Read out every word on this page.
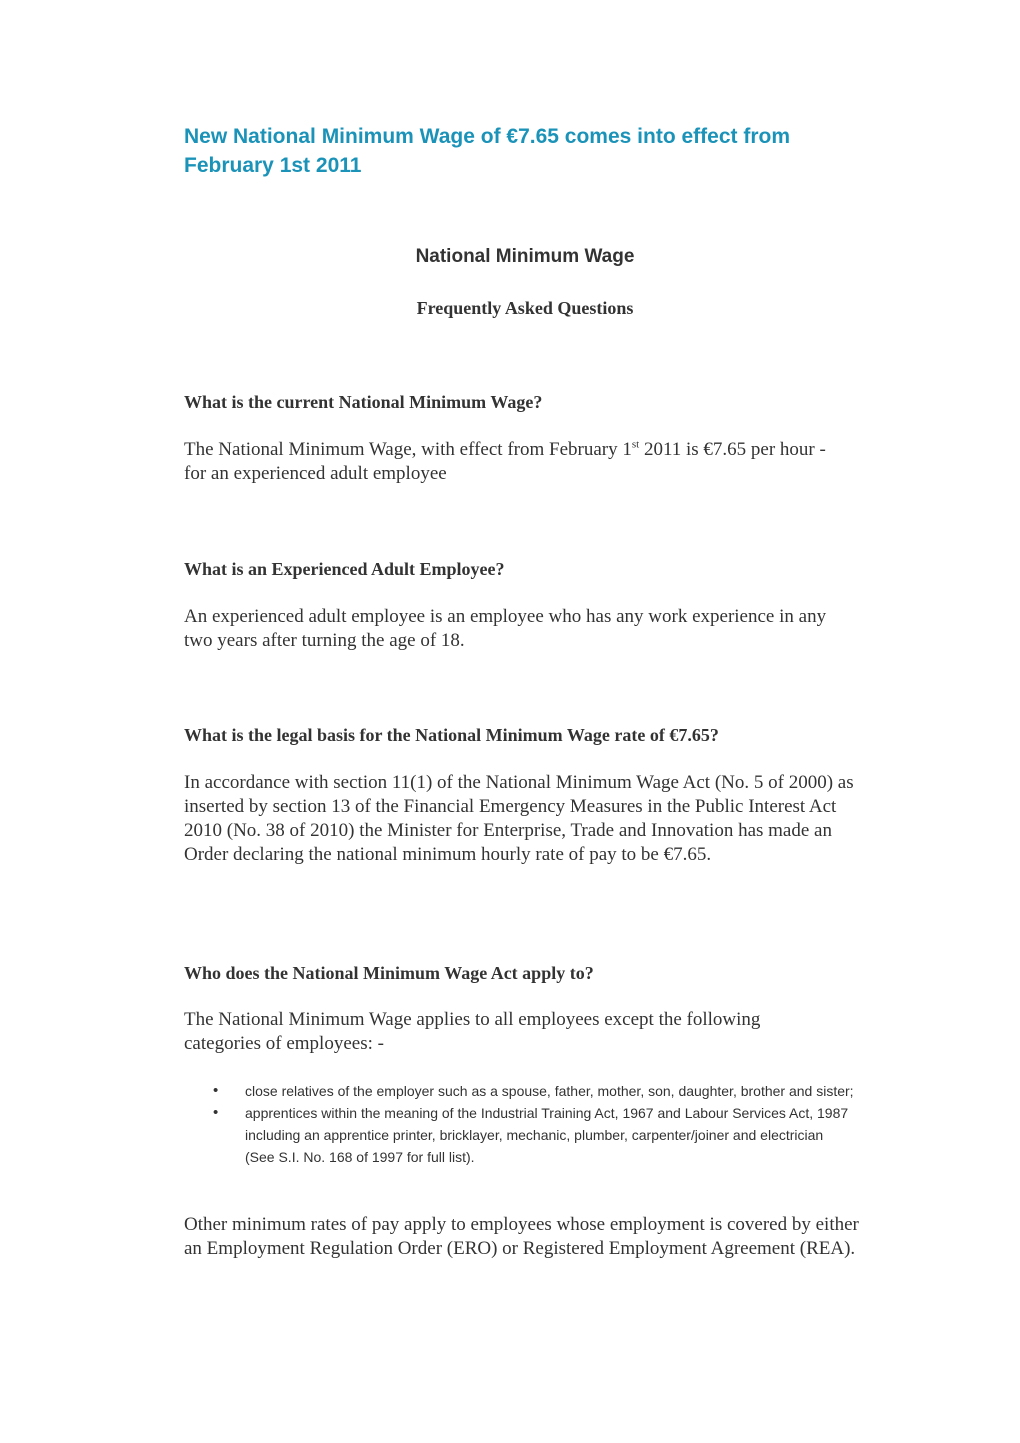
New National Minimum Wage of €7.65 comes into effect from February 1st 2011
National Minimum Wage
Frequently Asked Questions

What is the current National Minimum Wage?

The National Minimum Wage, with effect from February 1st 2011 is €7.65 per hour - for an experienced adult employee

What is an Experienced Adult Employee?

An experienced adult employee is an employee who has any work experience in any two years after turning the age of 18.

What is the legal basis for the National Minimum Wage rate of €7.65?

In accordance with section 11(1) of the National Minimum Wage Act (No. 5 of 2000) as inserted by section 13 of the Financial Emergency Measures in the Public Interest Act 2010 (No. 38 of 2010) the Minister for Enterprise, Trade and Innovation has made an Order declaring the national minimum hourly rate of pay to be €7.65.

Who does the National Minimum Wage Act apply to?

The National Minimum Wage applies to all employees except the following categories of employees: -

• close relatives of the employer such as a spouse, father, mother, son, daughter, brother and sister;
• apprentices within the meaning of the Industrial Training Act, 1967 and Labour Services Act, 1987 including an apprentice printer, bricklayer, mechanic, plumber, carpenter/joiner and electrician (See S.I. No. 168 of 1997 for full list).

Other minimum rates of pay apply to employees whose employment is covered by either an Employment Regulation Order (ERO) or Registered Employment Agreement (REA).
